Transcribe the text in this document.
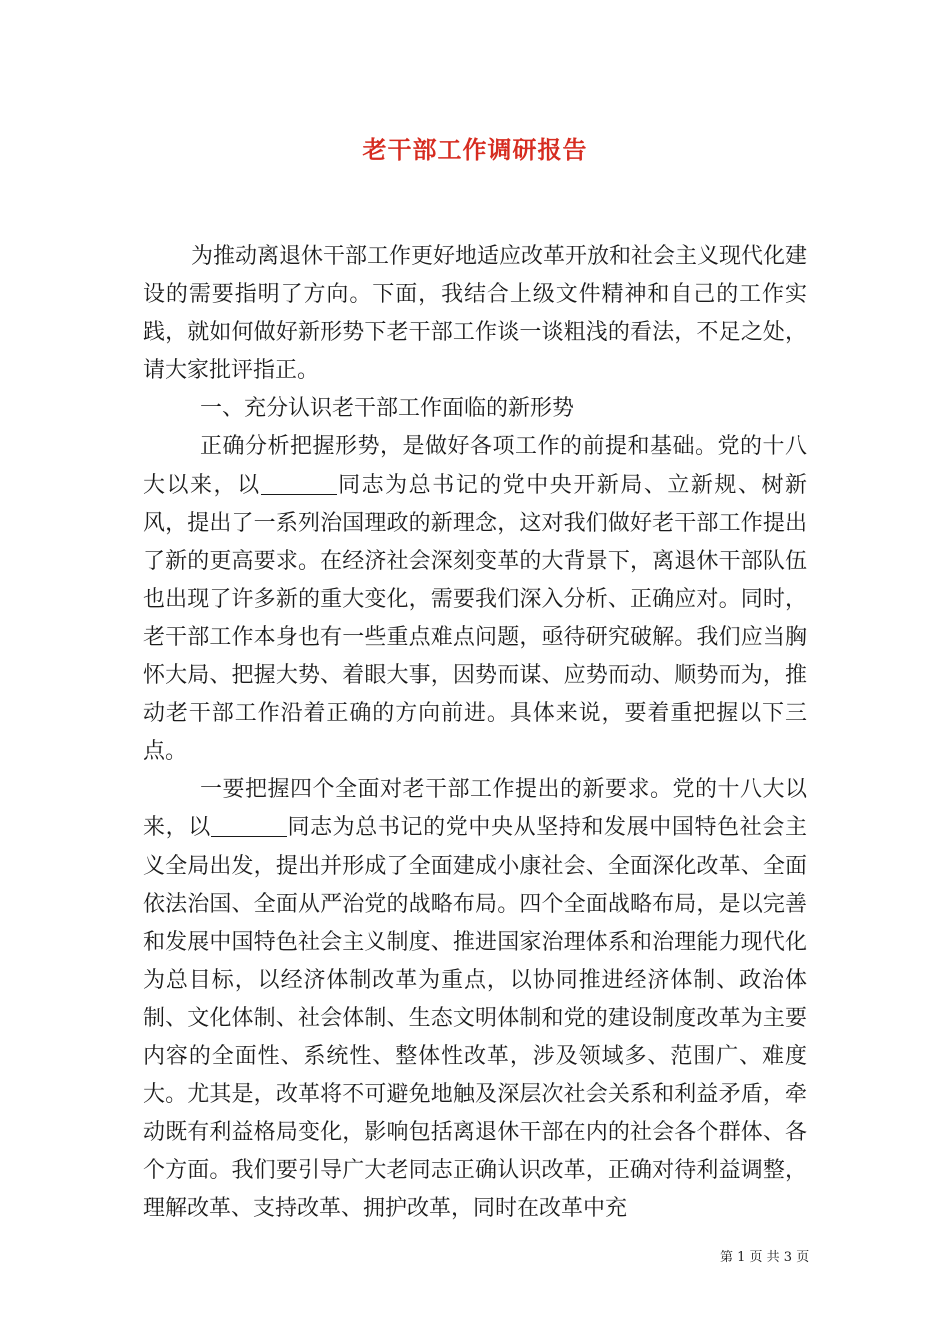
老干部工作调研报告

为推动离退休干部工作更好地适应改革开放和社会主义现代化建设的需要指明了方向。下面，我结合上级文件精神和自己的工作实践，就如何做好新形势下老干部工作谈一谈粗浅的看法，不足之处，请大家批评指正。

一、充分认识老干部工作面临的新形势

正确分析把握形势，是做好各项工作的前提和基础。党的十八大以来，以	同志为总书记的党中央开新局、立新规、树新风，提出了一系列治国理政的新理念，这对我们做好老干部工作提出了新的更高要求。在经济社会深刻变革的大背景下，离退休干部队伍也出现了许多新的重大变化，需要我们深入分析、正确应对。同时，老干部工作本身也有一些重点难点问题，亟待研究破解。我们应当胸怀大局、把握大势、着眼大事，因势而谋、应势而动、顺势而为，推动老干部工作沿着正确的方向前进。具体来说，要着重把握以下三点。

一要把握四个全面对老干部工作提出的新要求。党的十八大以来，以	同志为总书记的党中央从坚持和发展中国特色社会主义全局出发，提出并形成了全面建成小康社会、全面深化改革、全面依法治国、全面从严治党的战略布局。四个全面战略布局，是以完善和发展中国特色社会主义制度、推进国家治理体系和治理能力现代化为总目标，以经济体制改革为重点，以协同推进经济体制、政治体制、文化体制、社会体制、生态文明体制和党的建设制度改革为主要内容的全面性、系统性、整体性改革，涉及领域多、范围广、难度大。尤其是，改革将不可避免地触及深层次社会关系和利益矛盾，牵动既有利益格局变化，影响包括离退休干部在内的社会各个群体、各个方面。我们要引导广大老同志正确认识改革，正确对待利益调整，理解改革、支持改革、拥护改革，同时在改革中充

第 1 页 共 3 页
